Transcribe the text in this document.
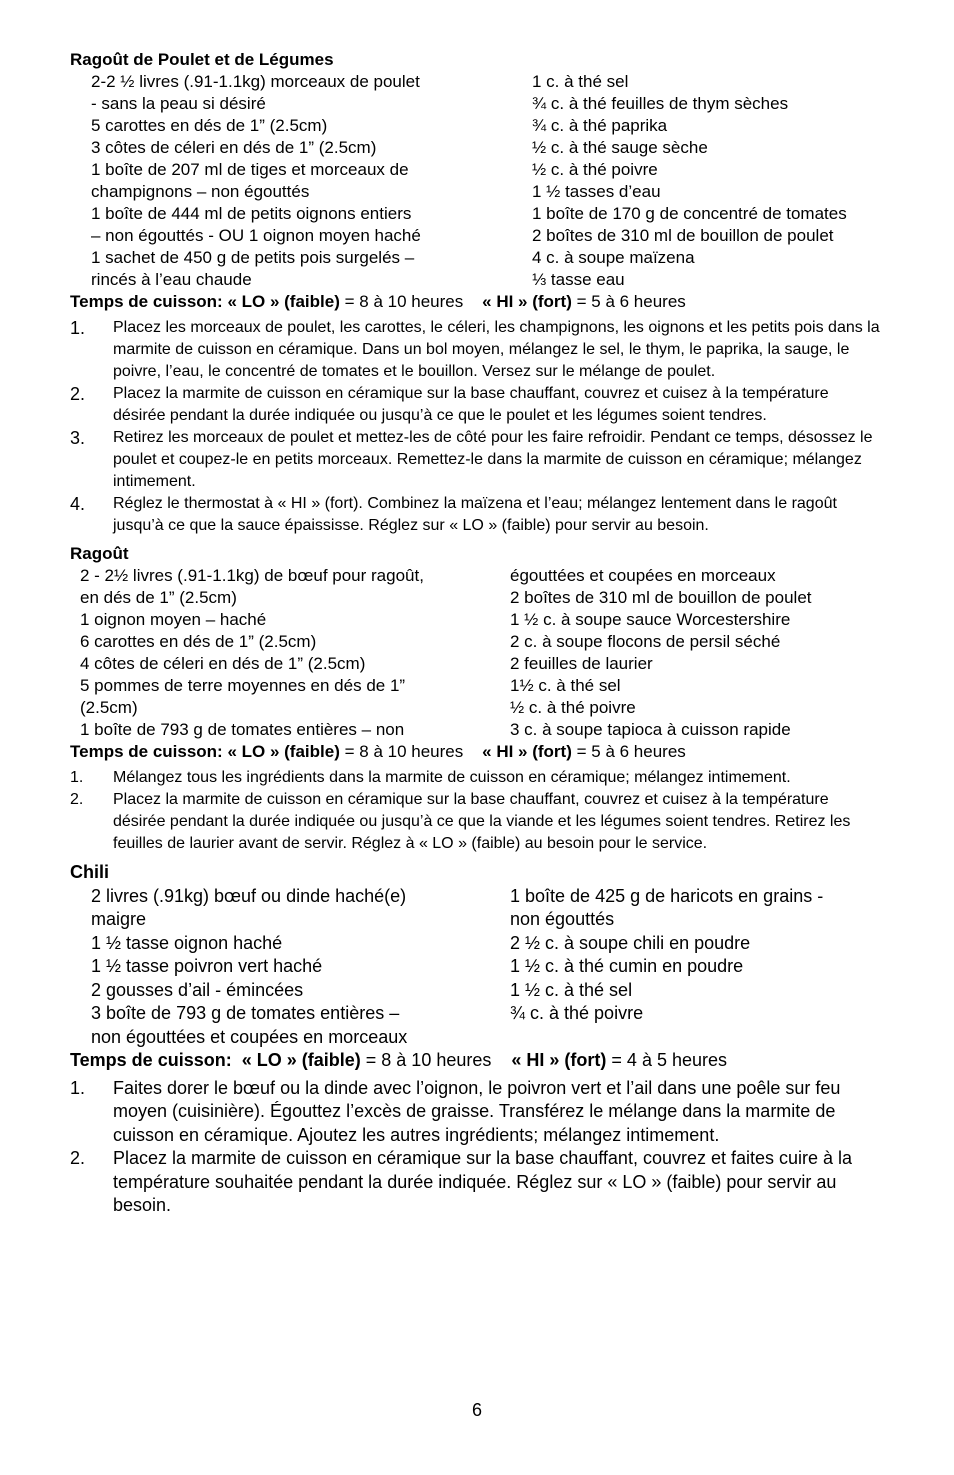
Ragoût de Poulet et de Légumes
2-2 ½ livres (.91-1.1kg) morceaux de poulet
- sans la peau si désiré
5 carottes en dés de 1” (2.5cm)
3 côtes de céleri en dés de 1” (2.5cm)
1 boîte de 207 ml de tiges et morceaux de
champignons – non égouttés
1 boîte de 444 ml de petits oignons entiers
– non égouttés - OU 1 oignon moyen haché
1 sachet de 450 g de petits pois surgelés –
rincés à l’eau chaude
1 c. à thé sel
¾ c. à thé feuilles de thym sèches
¾ c. à thé paprika
½ c. à thé sauge sèche
½ c. à thé poivre
1 ½ tasses d’eau
1 boîte de 170 g de concentré de tomates
2 boîtes de 310 ml de bouillon de poulet
4 c. à soupe maïzena
⅓ tasse eau
Temps de cuisson: « LO » (faible) = 8 à 10 heures « HI » (fort) = 5 à 6 heures
1.	Placez les morceaux de poulet, les carottes, le céleri, les champignons, les oignons et les petits pois dans la marmite de cuisson en céramique. Dans un bol moyen, mélangez le sel, le thym, le paprika, la sauge, le poivre, l’eau, le concentré de tomates et le bouillon. Versez sur le mélange de poulet.
2.	Placez la marmite de cuisson en céramique sur la base chauffant, couvrez et cuisez à la température désirée pendant la durée indiquée ou jusqu’à ce que le poulet et les légumes soient tendres.
3.	Retirez les morceaux de poulet et mettez-les de côté pour les faire refroidir. Pendant ce temps, désossez le poulet et coupez-le en petits morceaux. Remettez-le dans la marmite de cuisson en céramique; mélangez intimement.
4.	Réglez le thermostat à « HI » (fort). Combinez la maïzena et l’eau; mélangez lentement dans le ragoût jusqu’à ce que la sauce épaississe. Réglez sur « LO » (faible) pour servir au besoin.
Ragoût
2 - 2½ livres (.91-1.1kg) de bœuf pour ragoût,
en dés de 1” (2.5cm)
1 oignon moyen – haché
6 carottes en dés de 1” (2.5cm)
4 côtes de céleri en dés de 1” (2.5cm)
5 pommes de terre moyennes en dés de 1”
(2.5cm)
1 boîte de 793 g de tomates entières – non
égouttées et coupées en morceaux
2 boîtes de 310 ml de bouillon de poulet
1 ½ c. à soupe sauce Worcestershire
2 c. à soupe flocons de persil séché
2 feuilles de laurier
1½ c. à thé sel
½ c. à thé poivre
3 c. à soupe tapioca à cuisson rapide
Temps de cuisson: « LO » (faible) = 8 à 10 heures « HI » (fort) = 5 à 6 heures
1.	Mélangez tous les ingrédients dans la marmite de cuisson en céramique; mélangez intimement.
2.	Placez la marmite de cuisson en céramique sur la base chauffant, couvrez et cuisez à la température désirée pendant la durée indiquée ou jusqu’à ce que la viande et les légumes soient tendres. Retirez les feuilles de laurier avant de servir. Réglez à « LO » (faible) au besoin pour le service.
Chili
2 livres (.91kg) bœuf ou dinde haché(e)
maigre
1 ½ tasse oignon haché
1 ½ tasse poivron vert haché
2 gousses d’ail - émincées
3 boîte de 793 g de tomates entières –
non égouttées et coupées en morceaux
1 boîte de 425 g de haricots en grains -
non égouttés
2 ½ c. à soupe chili en poudre
1 ½ c. à thé cumin en poudre
1 ½ c. à thé sel
¾ c. à thé poivre
Temps de cuisson: « LO » (faible) = 8 à 10 heures « HI » (fort) = 4 à 5 heures
1.	Faites dorer le bœuf ou la dinde avec l’oignon, le poivron vert et l’ail dans une poêle sur feu moyen (cuisinière). Égouttez l’excès de graisse. Transférez le mélange dans la marmite de cuisson en céramique. Ajoutez les autres ingrédients; mélangez intimement.
2.	Placez la marmite de cuisson en céramique sur la base chauffant, couvrez et faites cuire à la température souhaitée pendant la durée indiquée. Réglez sur « LO » (faible) pour servir au besoin.
6
